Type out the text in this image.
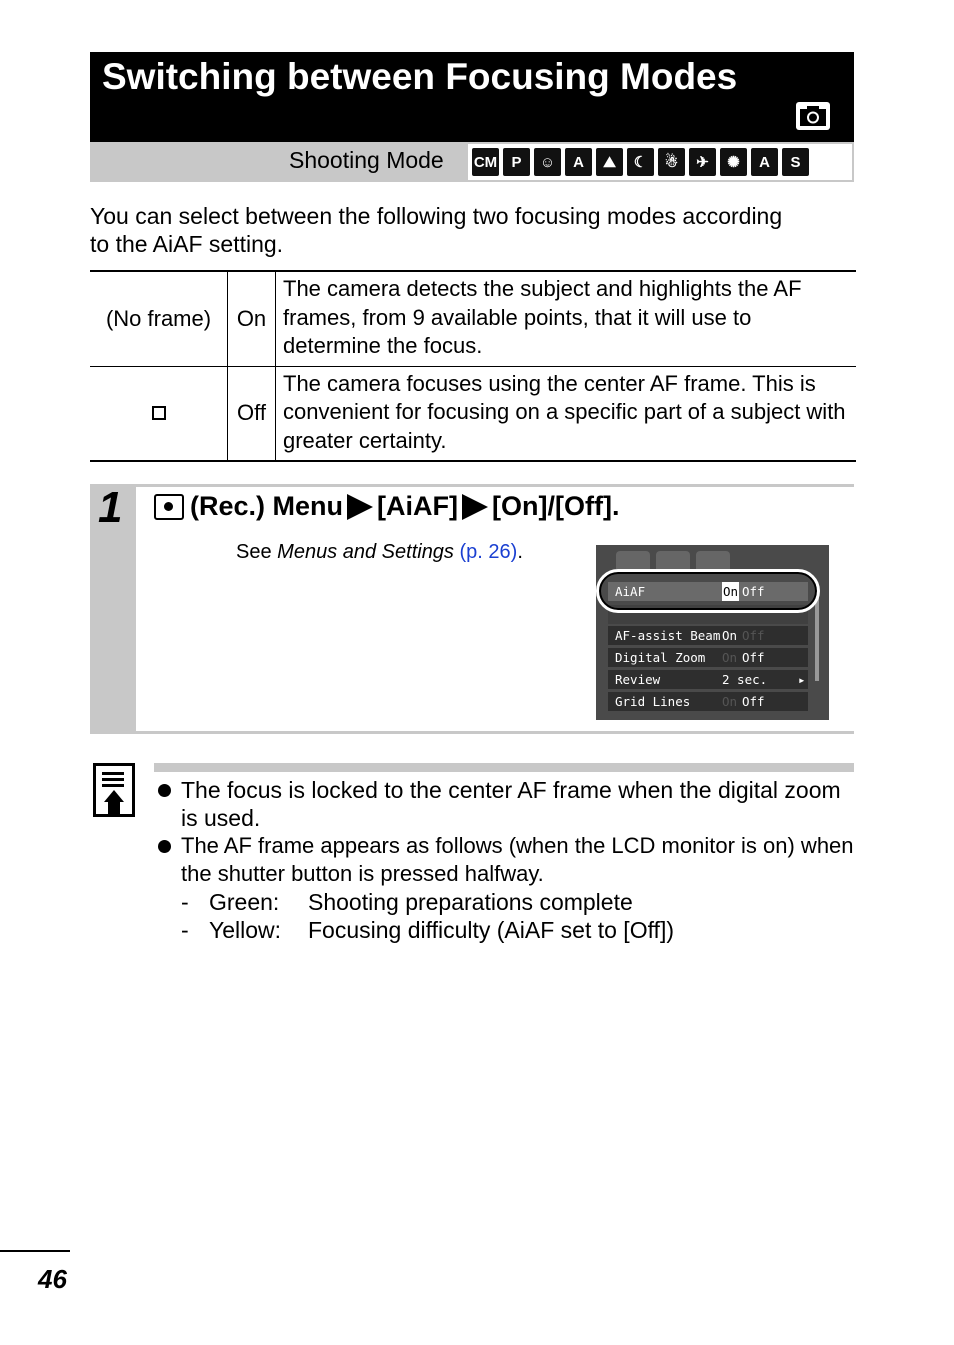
Switching between Focusing Modes
Shooting Mode CM P	☺	A	⛰	☾	☃	✈	✺	A	S
You can select between the following two focusing modes according to the AiAF setting.
(No frame)	On	The camera detects the subject and highlights the AF frames, from 9 available points, that it will use to determine the focus.
	Off	The camera focuses using the center AF frame. This is convenient for focusing on a specific part of a subject with greater certainty.
1	(Rec.) Menu [AiAF] [On]/[Off].
See Menus and Settings (p. 26).
AiAF	On Off
AF-assist Beam On Off
Digital Zoom On Off
Review	2 sec. ▸
Grid Lines	On Off
The focus is locked to the center AF frame when the digital zoom is used.
The AF frame appears as follows (when the LCD monitor is on) when the shutter button is pressed halfway.
- Green: Shooting preparations complete
- Yellow: Focusing difficulty (AiAF set to [Off])
46
